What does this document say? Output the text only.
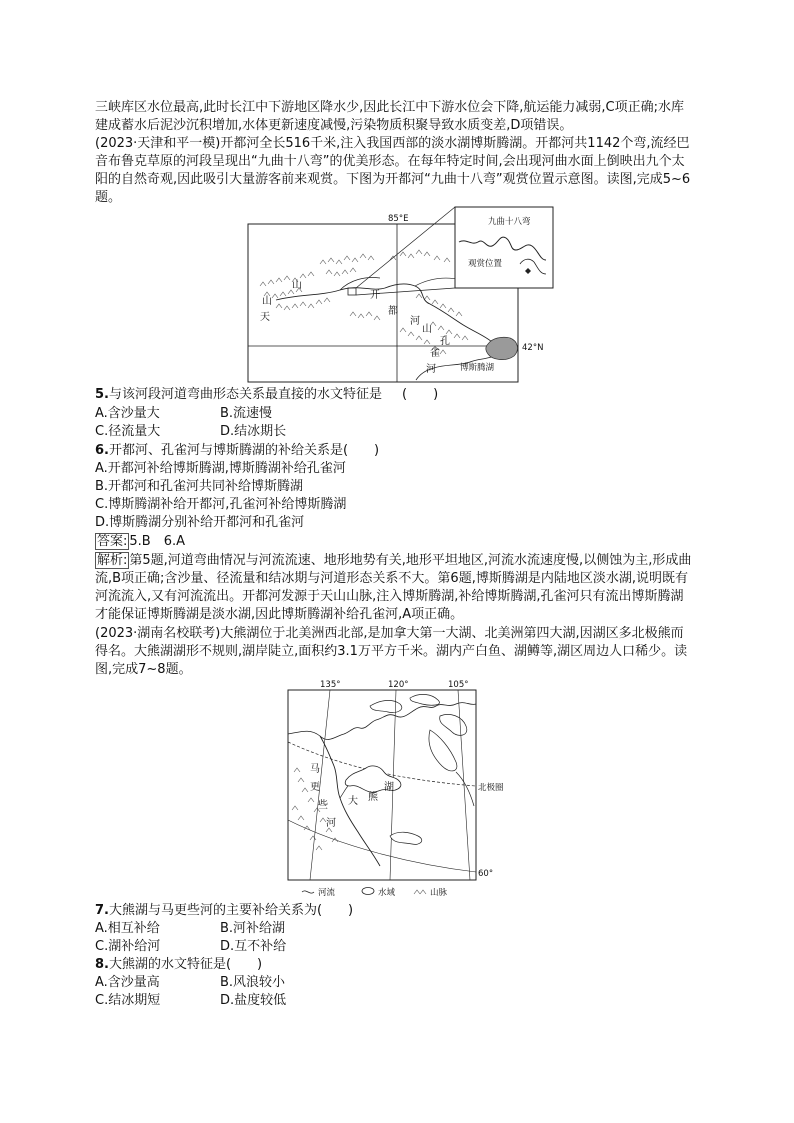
三峡库区水位最高,此时长江中下游地区降水少,因此长江中下游水位会下降,航运能力减弱,C项正确;水库建成蓄水后泥沙沉积增加,水体更新速度减慢,污染物质积聚导致水质变差,D项错误。

(2023·天津和平一模)开都河全长516千米,注入我国西部的淡水湖博斯腾湖。开都河共1142个弯,流经巴音布鲁克草原的河段呈现出“九曲十八弯”的优美形态。在每年特定时间,会出现河曲水面上倒映出九个太阳的自然奇观,因此吸引大量游客前来观赏。下图为开都河“九曲十八弯”观赏位置示意图。读图,完成5~6题。

85°E
42°N
九曲十八弯
观赏位置
天
山
山
山
开
都
河
孔
雀
河	博斯腾湖
5.与该河段河道弯曲形态关系最直接的水文特征是 (　　)
A.含沙量大	B.流速慢
C.径流量大	D.结冰期长
6.开都河、孔雀河与博斯腾湖的补给关系是(　　)
A.开都河补给博斯腾湖,博斯腾湖补给孔雀河
B.开都河和孔雀河共同补给博斯腾湖
C.博斯腾湖补给开都河,孔雀河补给博斯腾湖
D.博斯腾湖分别补给开都河和孔雀河
答案: 5.B　6.A

解析: 第5题,河道弯曲情况与河流流速、地形地势有关,地形平坦地区,河流水流速度慢,以侧蚀为主,形成曲流,B项正确;含沙量、径流量和结冰期与河道形态关系不大。第6题,博斯腾湖是内陆地区淡水湖,说明既有河流流入,又有河流流出。开都河发源于天山山脉,注入博斯腾湖,补给博斯腾湖,孔雀河只有流出博斯腾湖才能保证博斯腾湖是淡水湖,因此博斯腾湖补给孔雀河,A项正确。

(2023·湖南名校联考)大熊湖位于北美洲西北部,是加拿大第一大湖、北美洲第四大湖,因湖区多北极熊而得名。大熊湖湖形不规则,湖岸陡立,面积约3.1万平方千米。湖内产白鱼、湖鳟等,湖区周边人口稀少。读图,完成7~8题。

135°	120°	105°
60°
北极圈
马
更
些
河
大 熊
湖
河流	水域	山脉
7.大熊湖与马更些河的主要补给关系为(　　)
A.相互补给	B.河补给湖
C.湖补给河	D.互不补给
8.大熊湖的水文特征是(　　)
A.含沙量高	B.风浪较小
C.结冰期短	D.盐度较低
